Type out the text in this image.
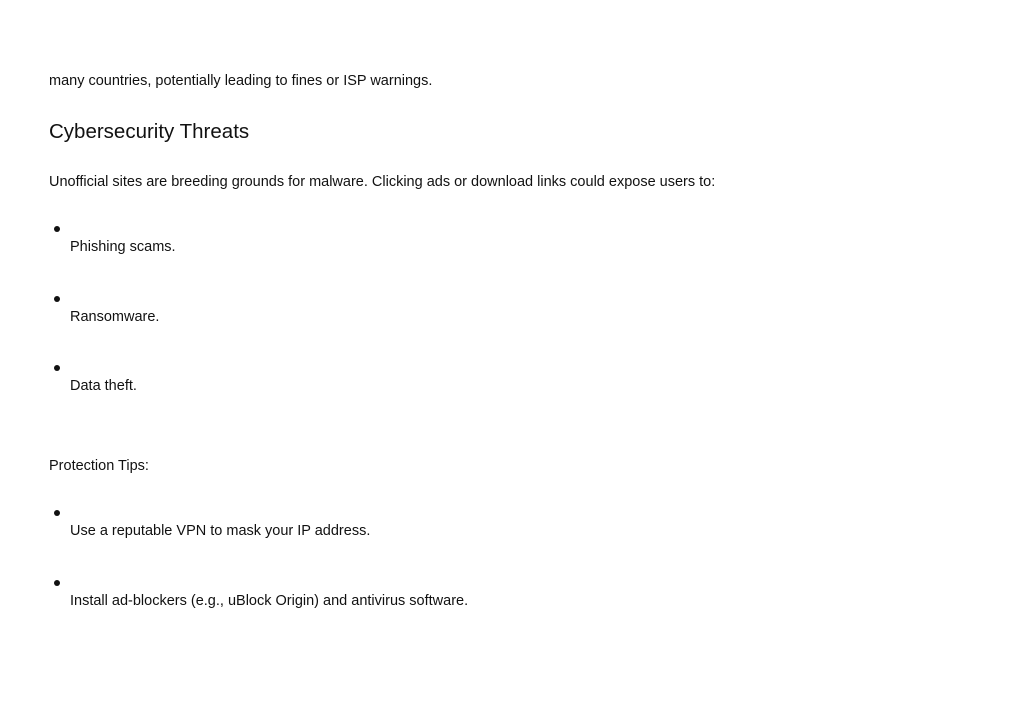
many countries, potentially leading to fines or ISP warnings.

Cybersecurity Threats

Unofficial sites are breeding grounds for malware. Clicking ads or download links could expose users to:

Phishing scams.
Ransomware.
Data theft.

Protection Tips:

Use a reputable VPN to mask your IP address.
Install ad-blockers (e.g., uBlock Origin) and antivirus software.
